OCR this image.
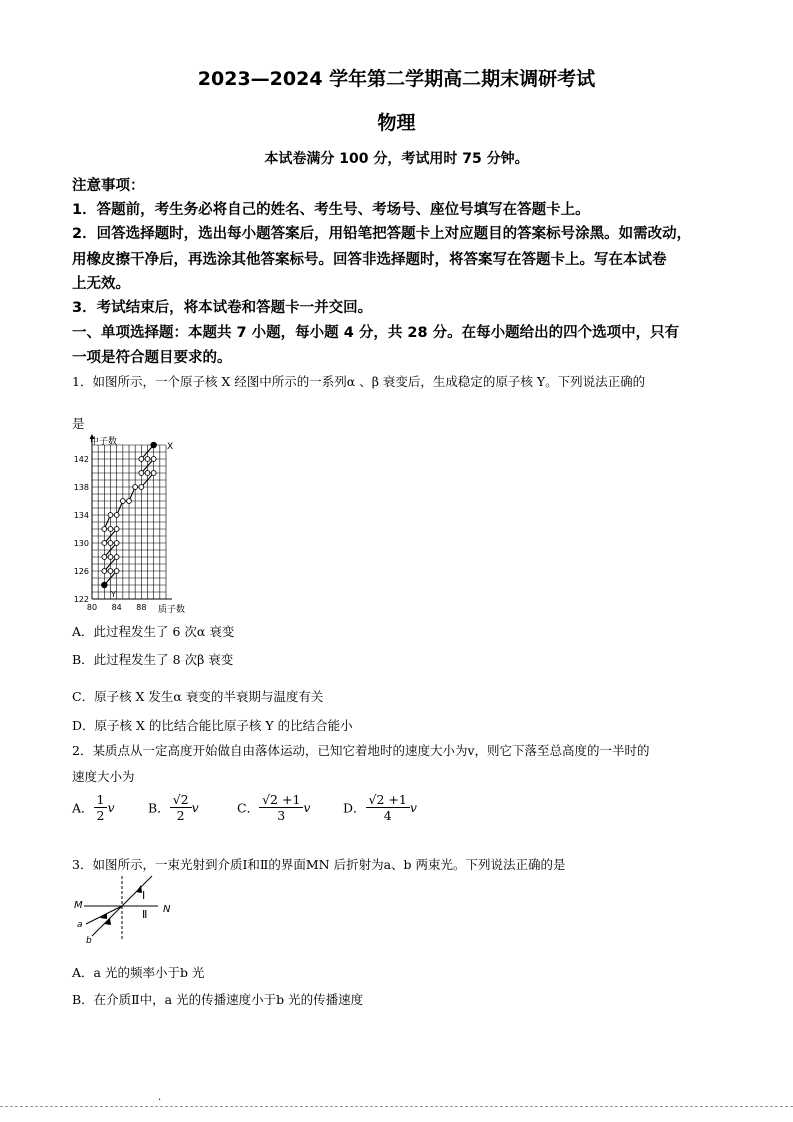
2023—2024 学年第二学期高二期末调研考试
物理
本试卷满分 100 分，考试用时 75 分钟。
注意事项：
1．答题前，考生务必将自己的姓名、考生号、考场号、座位号填写在答题卡上。
2．回答选择题时，选出每小题答案后，用铅笔把答题卡上对应题目的答案标号涂黑。如需改动，
用橡皮擦干净后，再选涂其他答案标号。回答非选择题时，将答案写在答题卡上。写在本试卷
上无效。
3．考试结束后，将本试卷和答题卡一并交回。
一、单项选择题：本题共 7 小题，每小题 4 分，共 28 分。在每小题给出的四个选项中，只有
一项是符合题目要求的。
1．如图所示，一个原子核 X 经图中所示的一系列α 、β 衰变后，生成稳定的原子核 Y。下列说法正确的
是
122
126
130
134
138
142
80 84 88
中子数
质子数
X
Y
A．此过程发生了 6 次α 衰变
B．此过程发生了 8 次β 衰变
C．原子核 X 发生α 衰变的半衰期与温度有关
D．原子核 X 的比结合能比原子核 Y 的比结合能小
2．某质点从一定高度开始做自由落体运动，已知它着地时的速度大小为v，则它下落至总高度的一半时的
速度大小为
A． $\frac{1}{2}$ v	B． $\frac{√2}{2}$ v	C． $\frac{√2 +1}{3}$ v	D． $\frac{√2 +1}{4}$ v
3．如图所示，一束光射到介质Ⅰ和Ⅱ的界面MN 后折射为a、b 两束光。下列说法正确的是
M	N
Ⅰ
Ⅱ
a
b
A．a 光的频率小于b 光
B．在介质Ⅱ中，a 光的传播速度小于b 光的传播速度
.
